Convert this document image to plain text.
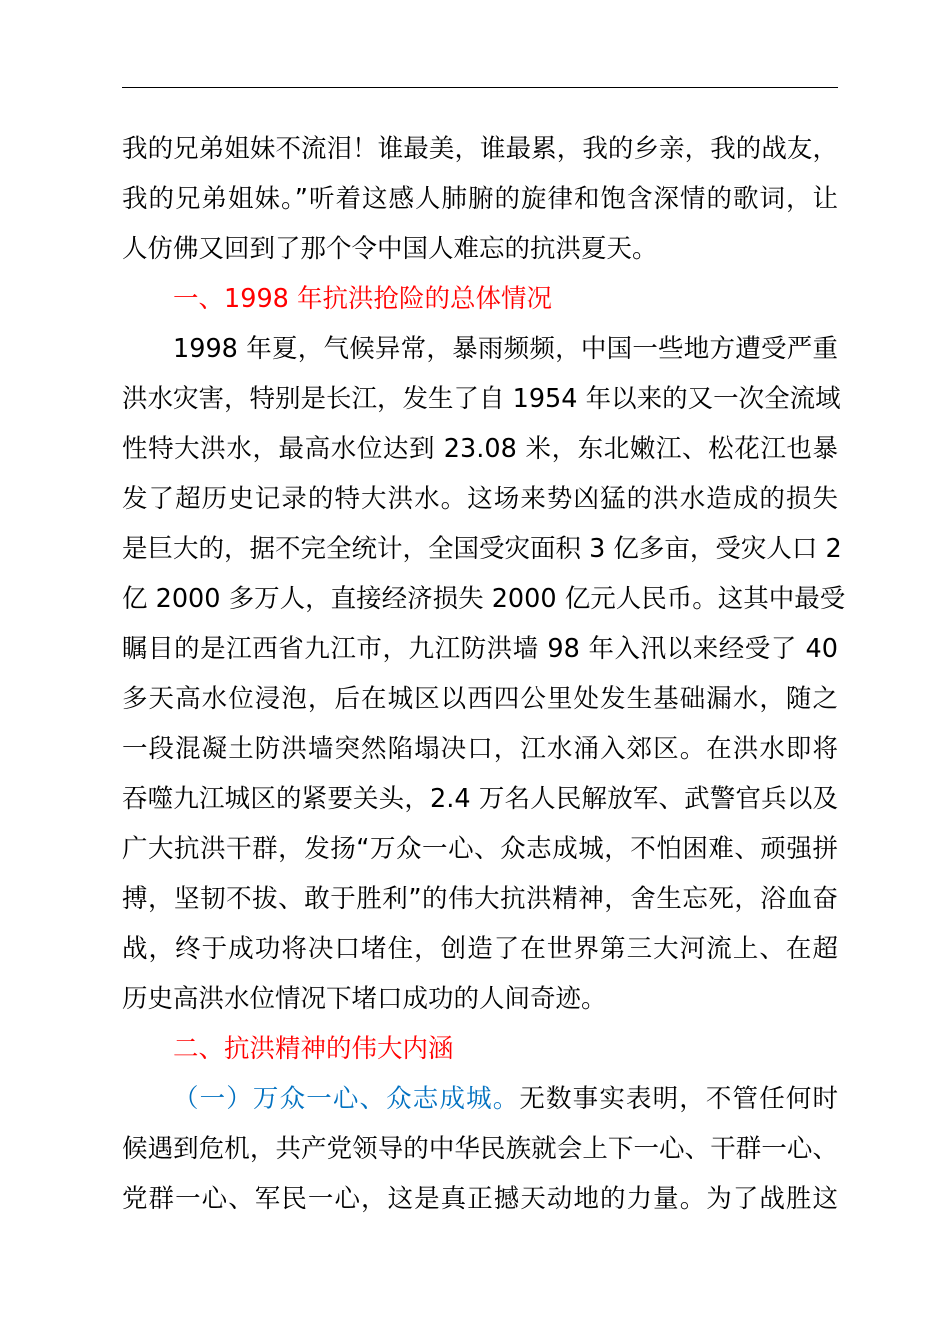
我的兄弟姐妹不流泪！谁最美，谁最累，我的乡亲，我的战友，
我的兄弟姐妹。”听着这感人肺腑的旋律和饱含深情的歌词，让
人仿佛又回到了那个令中国人难忘的抗洪夏天。
一、1998 年抗洪抢险的总体情况
1998 年夏，气候异常，暴雨频频，中国一些地方遭受严重
洪水灾害，特别是长江，发生了自 1954 年以来的又一次全流域
性特大洪水，最高水位达到 23.08 米，东北嫩江、松花江也暴
发了超历史记录的特大洪水。这场来势凶猛的洪水造成的损失
是巨大的，据不完全统计，全国受灾面积 3 亿多亩，受灾人口 2
亿 2000 多万人，直接经济损失 2000 亿元人民币。这其中最受
瞩目的是江西省九江市，九江防洪墙 98 年入汛以来经受了 40
多天高水位浸泡，后在城区以西四公里处发生基础漏水，随之
一段混凝土防洪墙突然陷塌决口，江水涌入郊区。在洪水即将
吞噬九江城区的紧要关头，2.4 万名人民解放军、武警官兵以及
广大抗洪干群，发扬“万众一心、众志成城，不怕困难、顽强拼
搏，坚韧不拔、敢于胜利”的伟大抗洪精神，舍生忘死，浴血奋
战，终于成功将决口堵住，创造了在世界第三大河流上、在超
历史高洪水位情况下堵口成功的人间奇迹。
二、抗洪精神的伟大内涵
（一）万众一心、众志成城。无数事实表明，不管任何时
候遇到危机，共产党领导的中华民族就会上下一心、干群一心、
党群一心、军民一心，这是真正撼天动地的力量。为了战胜这
